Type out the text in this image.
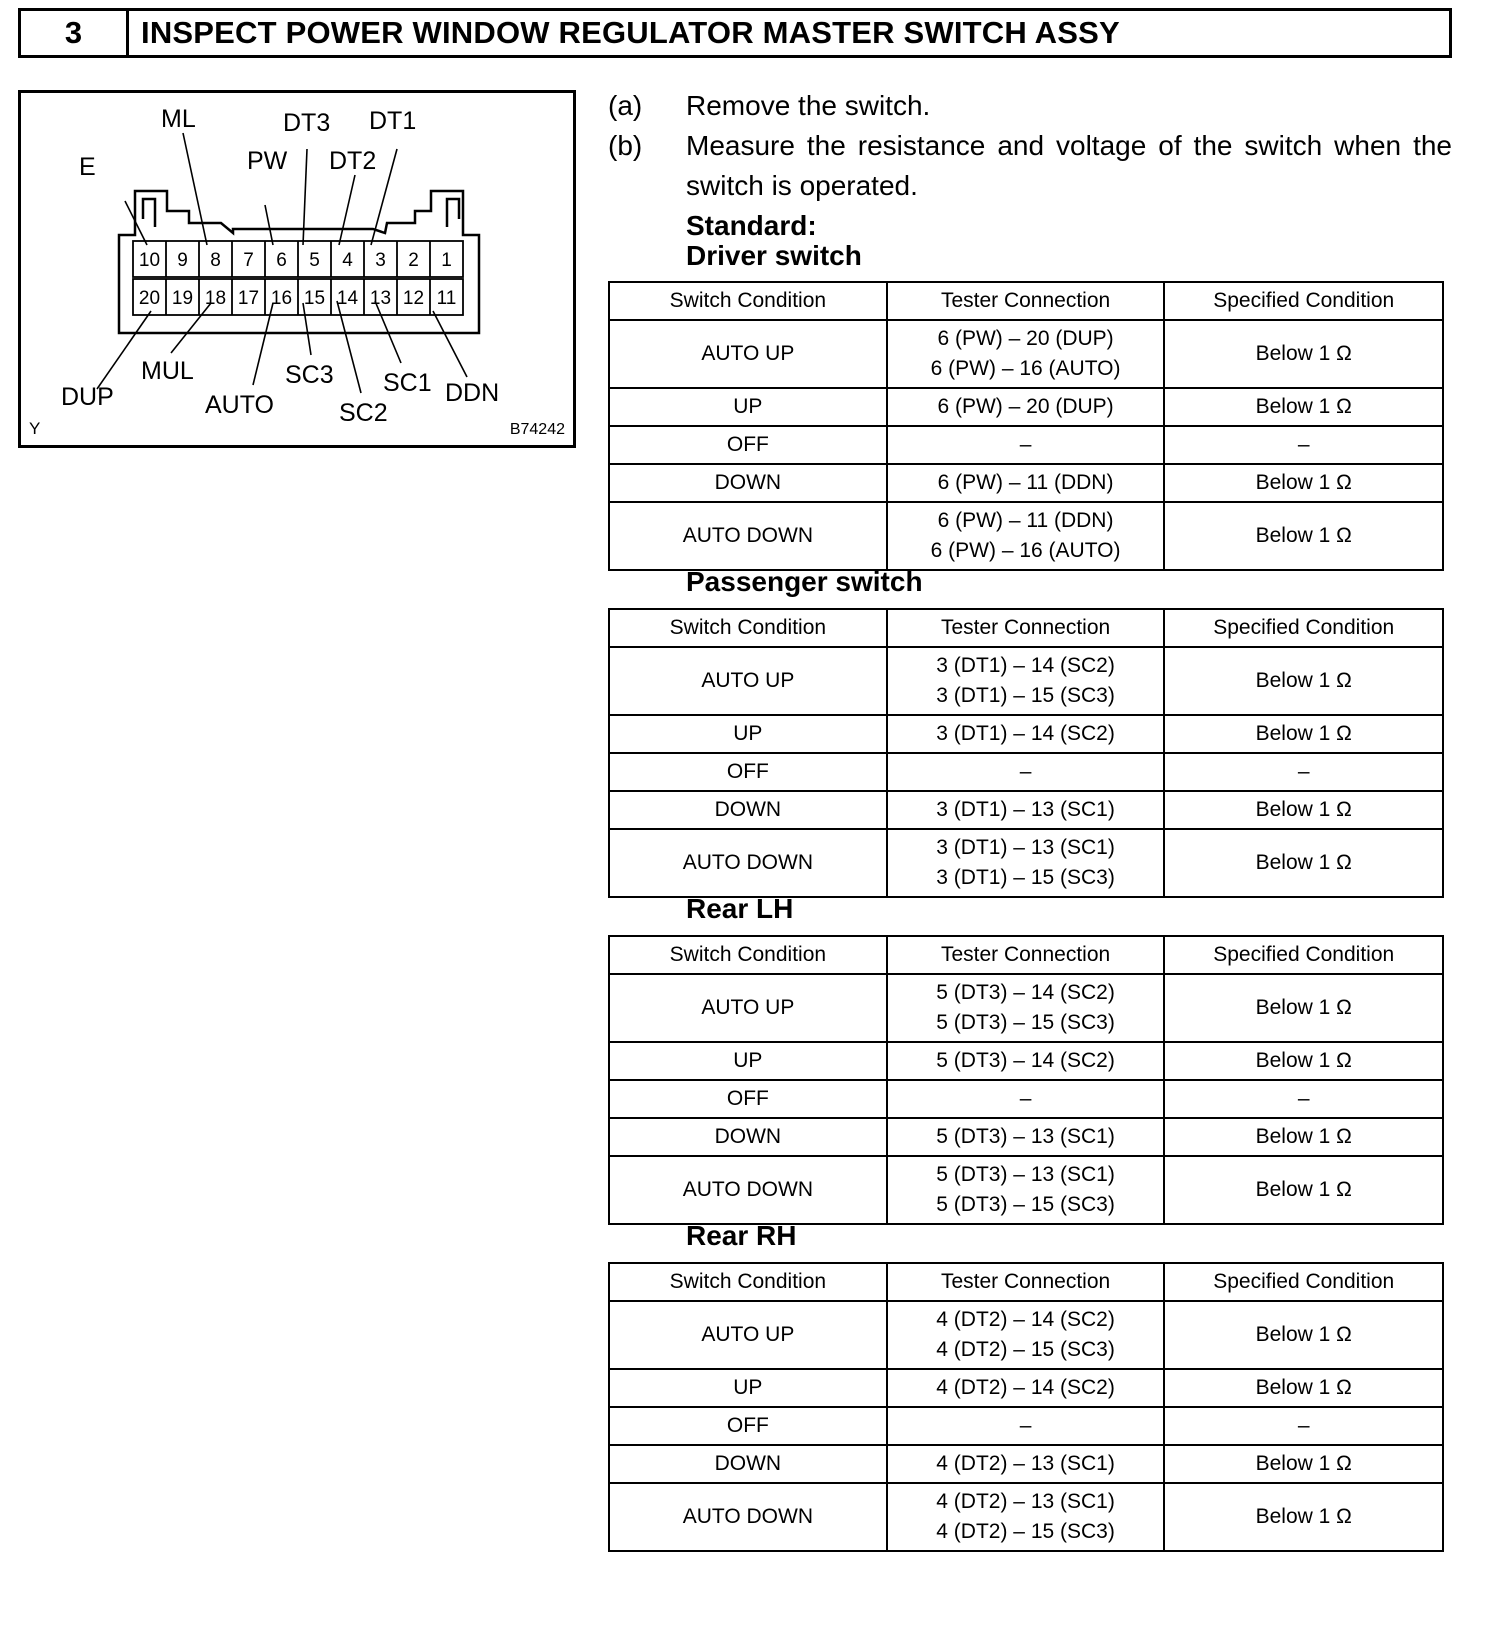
3	INSPECT POWER WINDOW REGULATOR MASTER SWITCH ASSY
10 9 8 7 6 5 4 3 2 1
20 19 18 17 16 15 14 13 12 11
ML	DT3 DT1
E	PW DT2
MUL	SC3 SC1
DUP	DDN
AUTO	SC2
Y	B74242
(a)	Remove the switch.
(b)	Measure the resistance and voltage of the switch when the switch is operated.
Standard:
Driver switch
Switch Condition	Tester Connection	Specified Condition
AUTO UP	6 (PW) – 20 (DUP)
6 (PW) – 16 (AUTO)	Below 1 Ω
UP	6 (PW) – 20 (DUP)	Below 1 Ω
OFF	–	–
DOWN	6 (PW) – 11 (DDN)	Below 1 Ω
AUTO DOWN	6 (PW) – 11 (DDN)
6 (PW) – 16 (AUTO)	Below 1 Ω
Passenger switch
Switch Condition	Tester Connection	Specified Condition
AUTO UP	3 (DT1) – 14 (SC2)
3 (DT1) – 15 (SC3)	Below 1 Ω
UP	3 (DT1) – 14 (SC2)	Below 1 Ω
OFF	–	–
DOWN	3 (DT1) – 13 (SC1)	Below 1 Ω
AUTO DOWN	3 (DT1) – 13 (SC1)
3 (DT1) – 15 (SC3)	Below 1 Ω
Rear LH
Switch Condition	Tester Connection	Specified Condition
AUTO UP	5 (DT3) – 14 (SC2)
5 (DT3) – 15 (SC3)	Below 1 Ω
UP	5 (DT3) – 14 (SC2)	Below 1 Ω
OFF	–	–
DOWN	5 (DT3) – 13 (SC1)	Below 1 Ω
AUTO DOWN	5 (DT3) – 13 (SC1)
5 (DT3) – 15 (SC3)	Below 1 Ω
Rear RH
Switch Condition	Tester Connection	Specified Condition
AUTO UP	4 (DT2) – 14 (SC2)
4 (DT2) – 15 (SC3)	Below 1 Ω
UP	4 (DT2) – 14 (SC2)	Below 1 Ω
OFF	–	–
DOWN	4 (DT2) – 13 (SC1)	Below 1 Ω
AUTO DOWN	4 (DT2) – 13 (SC1)
4 (DT2) – 15 (SC3)	Below 1 Ω
